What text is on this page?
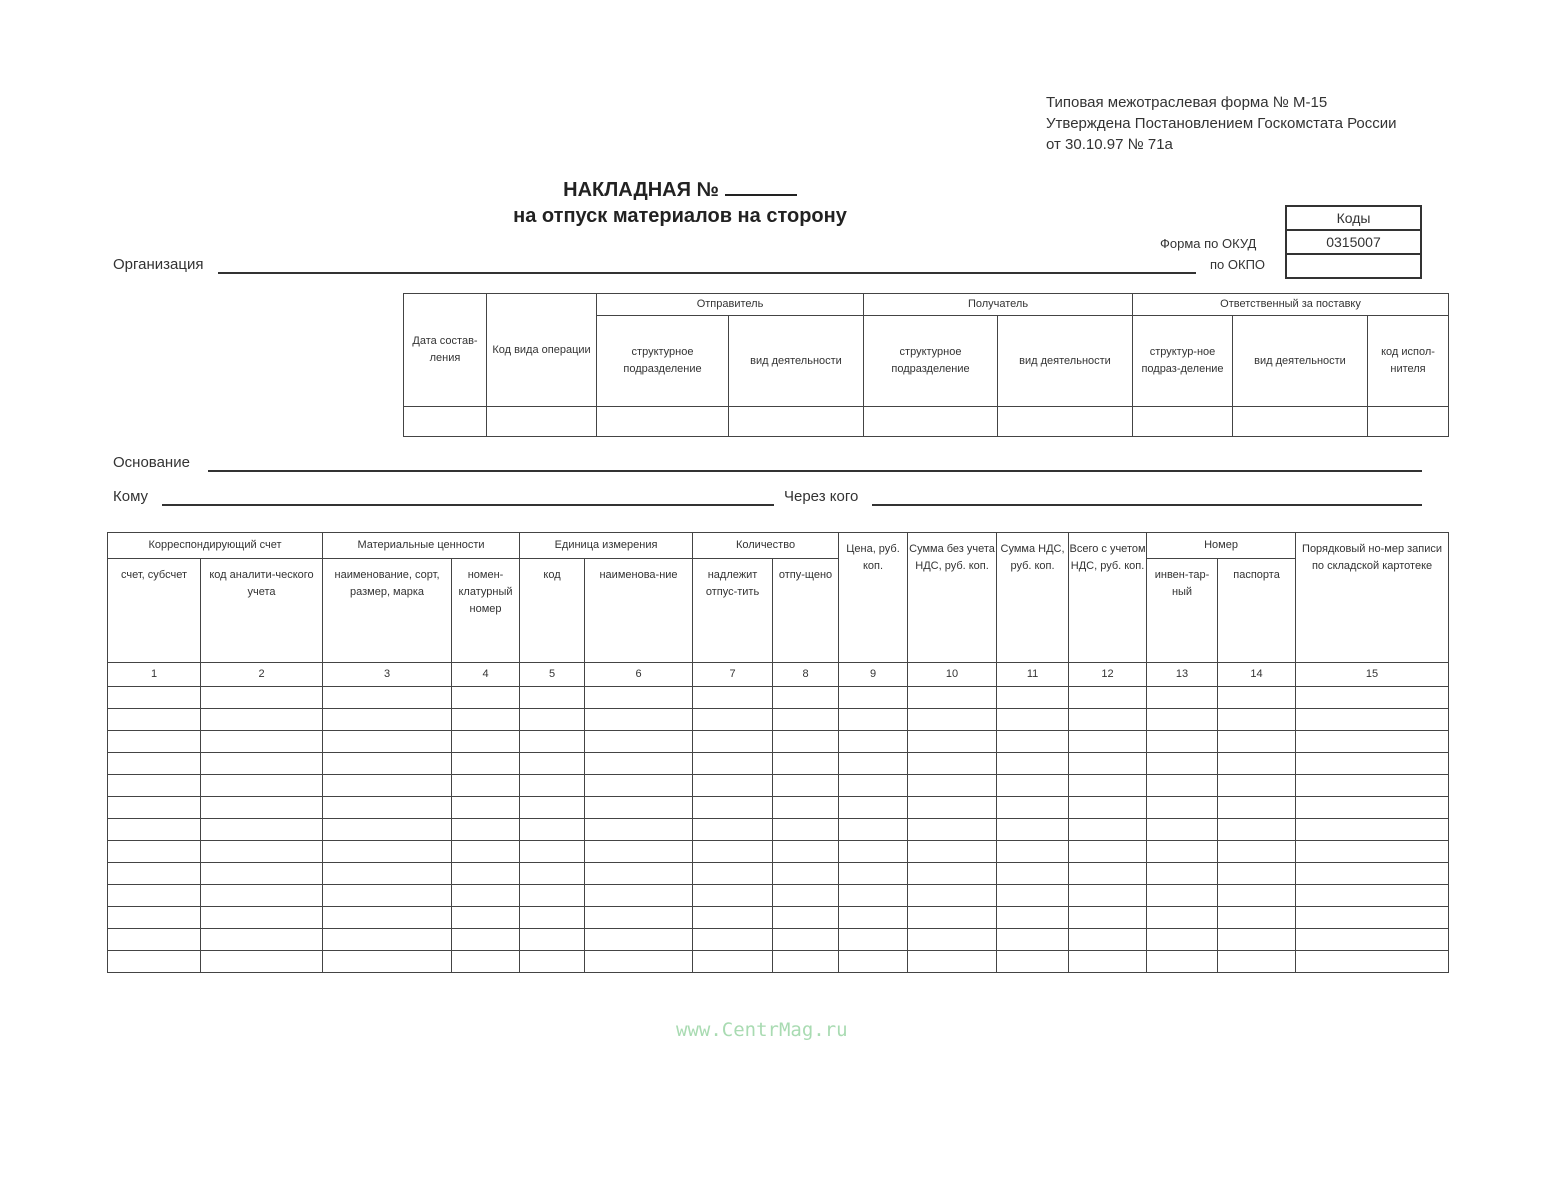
Типовая межотраслевая форма № М-15
Утверждена Постановлением Госкомстата России
от 30.10.97 № 71а
НАКЛАДНАЯ №
на отпуск материалов на сторону
Форма по ОКУД
по ОКПО
Коды
0315007

Организация
Дата состав-ления	Код вида операции	Отправитель		Получатель		Ответственный за поставку		
		структурное подразделение	вид деятельности	структурное подразделение	вид деятельности	структур-ное подраз-деление	вид деятельности	код испол-нителя

Основание
Кому	Через кого
Корреспондирующий счет		Материальные ценности		Единица измерения		Количество		Цена, руб. коп.	Сумма без учета НДС, руб. коп.	Сумма НДС, руб. коп.	Всего с учетом НДС, руб. коп.	Номер		Порядковый но-мер записи по складской картотеке
счет, субсчет	код аналити-ческого учета	наименование, сорт, размер, марка	номен-клатурный номер	код	наименова-ние	надлежит отпус-тить	отпу-щено					инвен-тар-ный	паспорта	
1	2	3	4	5	6	7	8	9	10	11	12	13	14	15

www.CentrMag.ru
